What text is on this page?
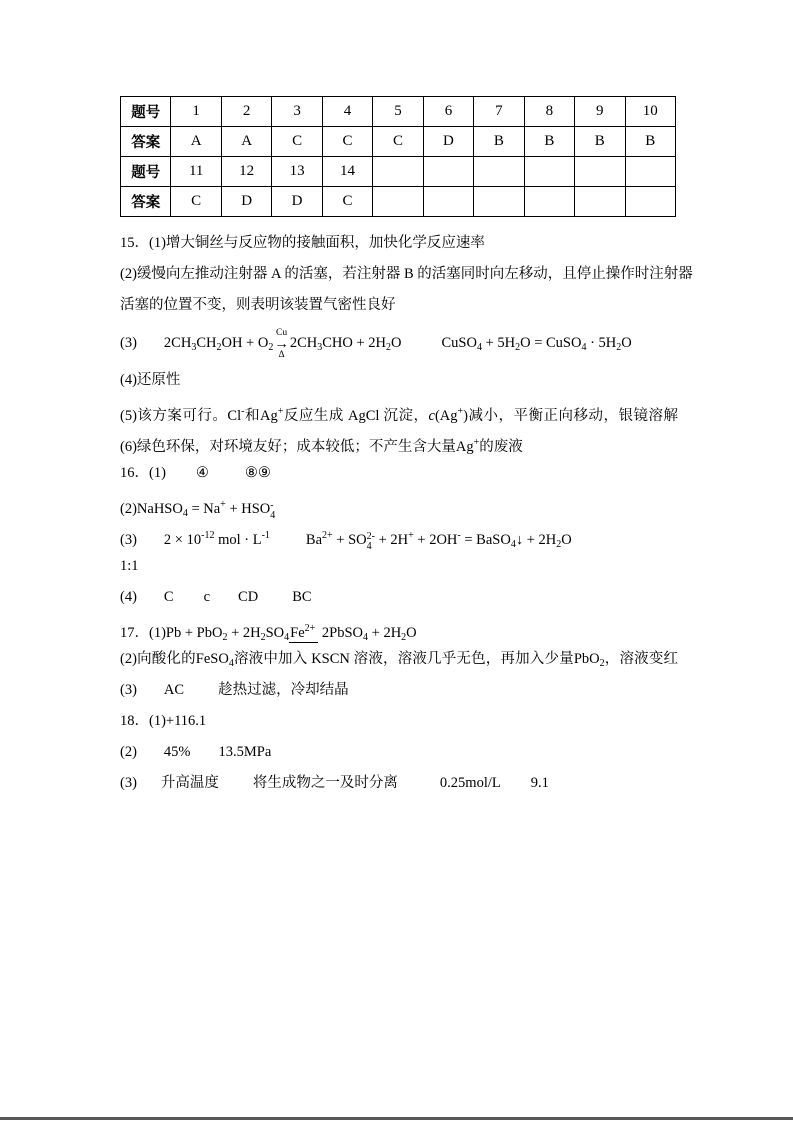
题号	1	2	3	4	5	6	7	8	9	10
答案	A	A	C	C	C	D	B	B	B	B
题号	11	12	13	14						
答案	C	D	D	C						
15．(1)增大铜丝与反应物的接触面积，加快化学反应速率
(2)缓慢向左推动注射器 A 的活塞，若注射器 B 的活塞同时向左移动，且停止操作时注射器
活塞的位置不变，则表明该装置气密性良好
(3) $2CH_3CH_2OH + O_2$
Cu
→
Δ
$2CH_3CHO + 2H_2O$	CuSO$_4$ + $5H_2O$ = CuSO$_4$ · $5H_2O$
(4)还原性
(5)该方案可行。Cl-和Ag+反应生成 AgCl 沉淀，c(Ag+)减小，平衡正向移动，银镜溶解
(6)绿色环保，对环境友好；成本较低；不产生含大量Ag+的废液
16．(1) ④ ⑧⑨
(2)NaHSO$_4$ = Na+ + HSO -
4
(3) $2 \times 10^{-12}$ mol · $L^{-1}$ $Ba^{2+}$ + SO 2-
4 + 2H+ + 2OH- = BaSO$_4$↓ + $2H_2O$
1:1
(4) C c CD BC
17．$(1)Pb + PbO_2 + 2H_2SO_4Fe^{2+}$ 2PbSO$_4$ + $2H_2O$
(2)向酸化的FeSO$_4$溶液中加入 KSCN 溶液，溶液几乎无色，再加入少量PbO$_2$，溶液变红
(3) AC 趁热过滤，冷却结晶
18．(1)+116.1
(2) 45% 13.5MPa
(3) 升高温度 将生成物之一及时分离	0.25mol/L 9.1
